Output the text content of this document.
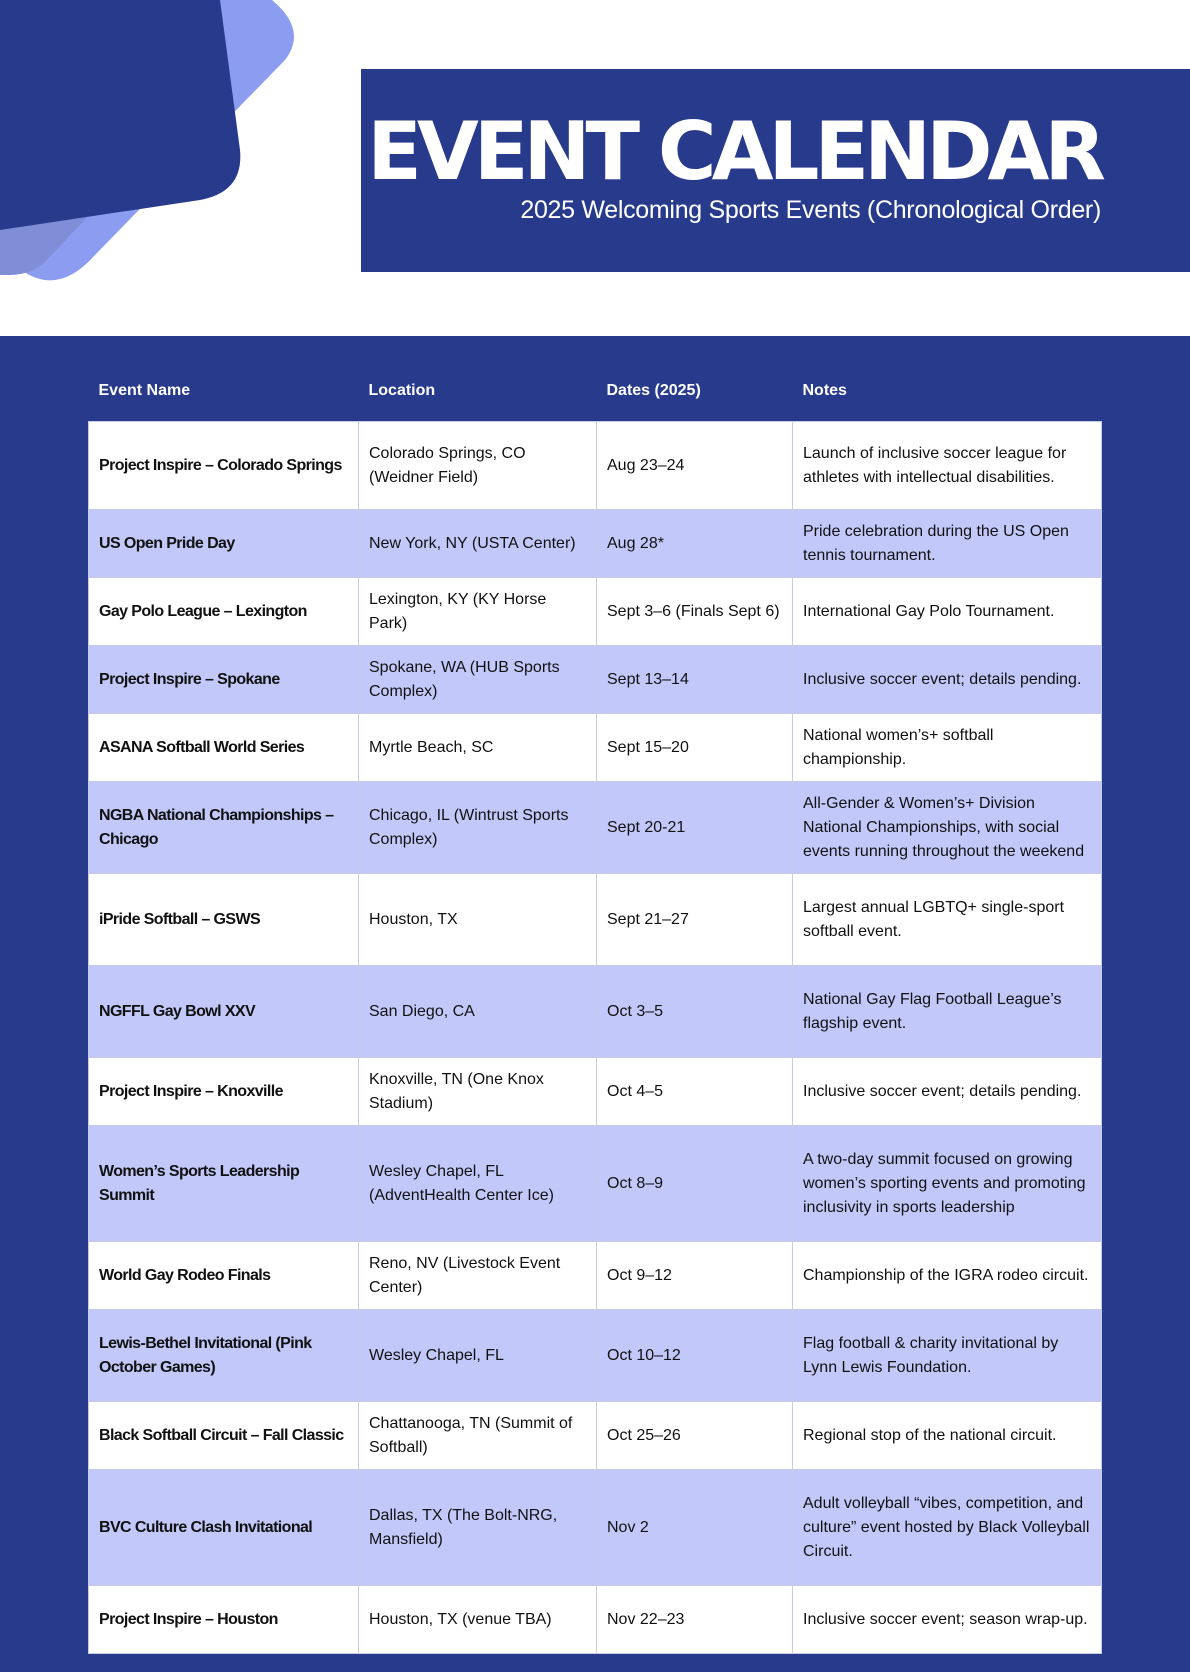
EVENT CALENDAR
2025 Welcoming Sports Events (Chronological Order)
Event Name	Location	Dates (2025)	Notes
Project Inspire – Colorado Springs	Colorado Springs, CO (Weidner Field)	Aug 23–24	Launch of inclusive soccer league for athletes with intellectual disabilities.
US Open Pride Day	New York, NY (USTA Center)	Aug 28*	Pride celebration during the US Open tennis tournament.
Gay Polo League – Lexington	Lexington, KY (KY Horse Park)	Sept 3–6 (Finals Sept 6)	International Gay Polo Tournament.
Project Inspire – Spokane	Spokane, WA (HUB Sports Complex)	Sept 13–14	Inclusive soccer event; details pending.
ASANA Softball World Series	Myrtle Beach, SC	Sept 15–20	National women’s+ softball championship.
NGBA National Championships – Chicago	Chicago, IL (Wintrust Sports Complex)	Sept 20-21	All-Gender & Women’s+ Division National Championships, with social events running throughout the weekend
iPride Softball – GSWS	Houston, TX	Sept 21–27	Largest annual LGBTQ+ single-sport softball event.
NGFFL Gay Bowl XXV	San Diego, CA	Oct 3–5	National Gay Flag Football League’s flagship event.
Project Inspire – Knoxville	Knoxville, TN (One Knox Stadium)	Oct 4–5	Inclusive soccer event; details pending.
Women’s Sports Leadership Summit	Wesley Chapel, FL (AdventHealth Center Ice)	Oct 8–9	A two-day summit focused on growing women’s sporting events and promoting inclusivity in sports leadership
World Gay Rodeo Finals	Reno, NV (Livestock Event Center)	Oct 9–12	Championship of the IGRA rodeo circuit.
Lewis-Bethel Invitational (Pink October Games)	Wesley Chapel, FL	Oct 10–12	Flag football & charity invitational by Lynn Lewis Foundation.
Black Softball Circuit – Fall Classic	Chattanooga, TN (Summit of Softball)	Oct 25–26	Regional stop of the national circuit.
BVC Culture Clash Invitational	Dallas, TX (The Bolt-NRG, Mansfield)	Nov 2	Adult volleyball “vibes, competition, and culture” event hosted by Black Volleyball Circuit.
Project Inspire – Houston	Houston, TX (venue TBA)	Nov 22–23	Inclusive soccer event; season wrap-up.
